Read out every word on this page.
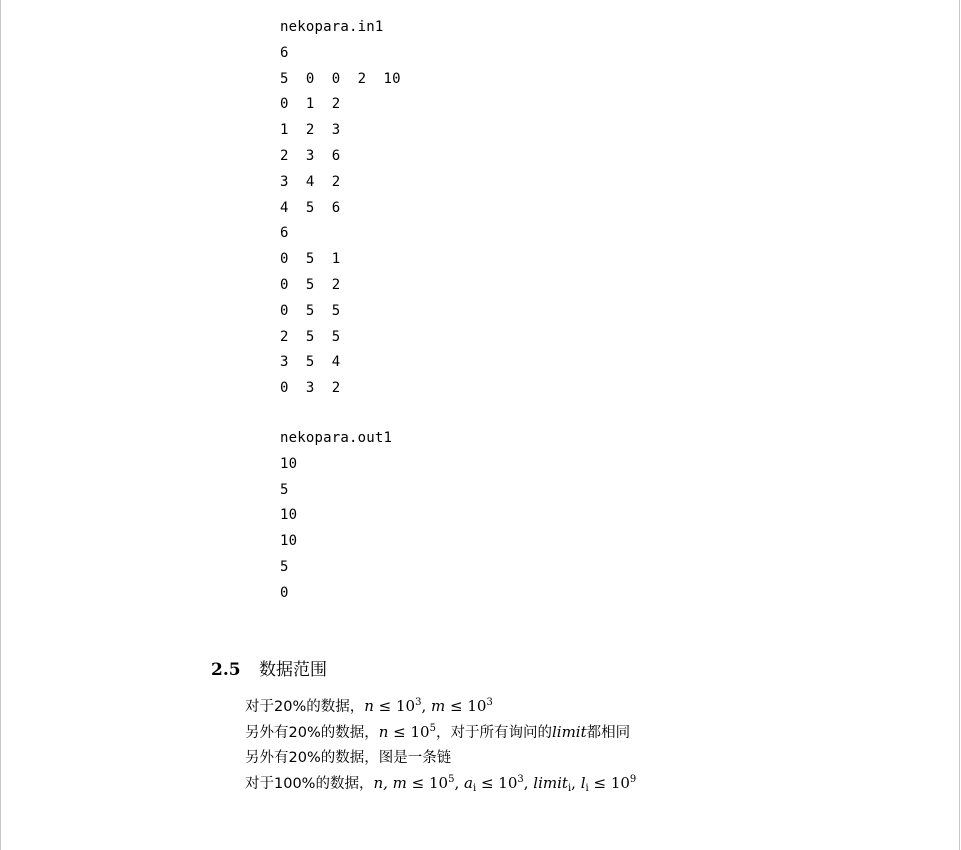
nekopara.in1
6
5  0  0  2  10
0  1  2
1  2  3
2  3  6
3  4  2
4  5  6
6
0  5  1
0  5  2
0  5  5
2  5  5
3  5  4
0  3  2
nekopara.out1
10
5
10
10
5
0
2.5 数据范围
对于20%的数据，$n \le 10^3$, $m \le 10^3$
另外有20%的数据，$n \le 10^5$，对于所有询问的limit都相同
另外有20%的数据，图是一条链
对于100%的数据，n, $m \le 10^5$, $a_i \le 10^3$, limit$_i$, $l_i \le 10^9$
